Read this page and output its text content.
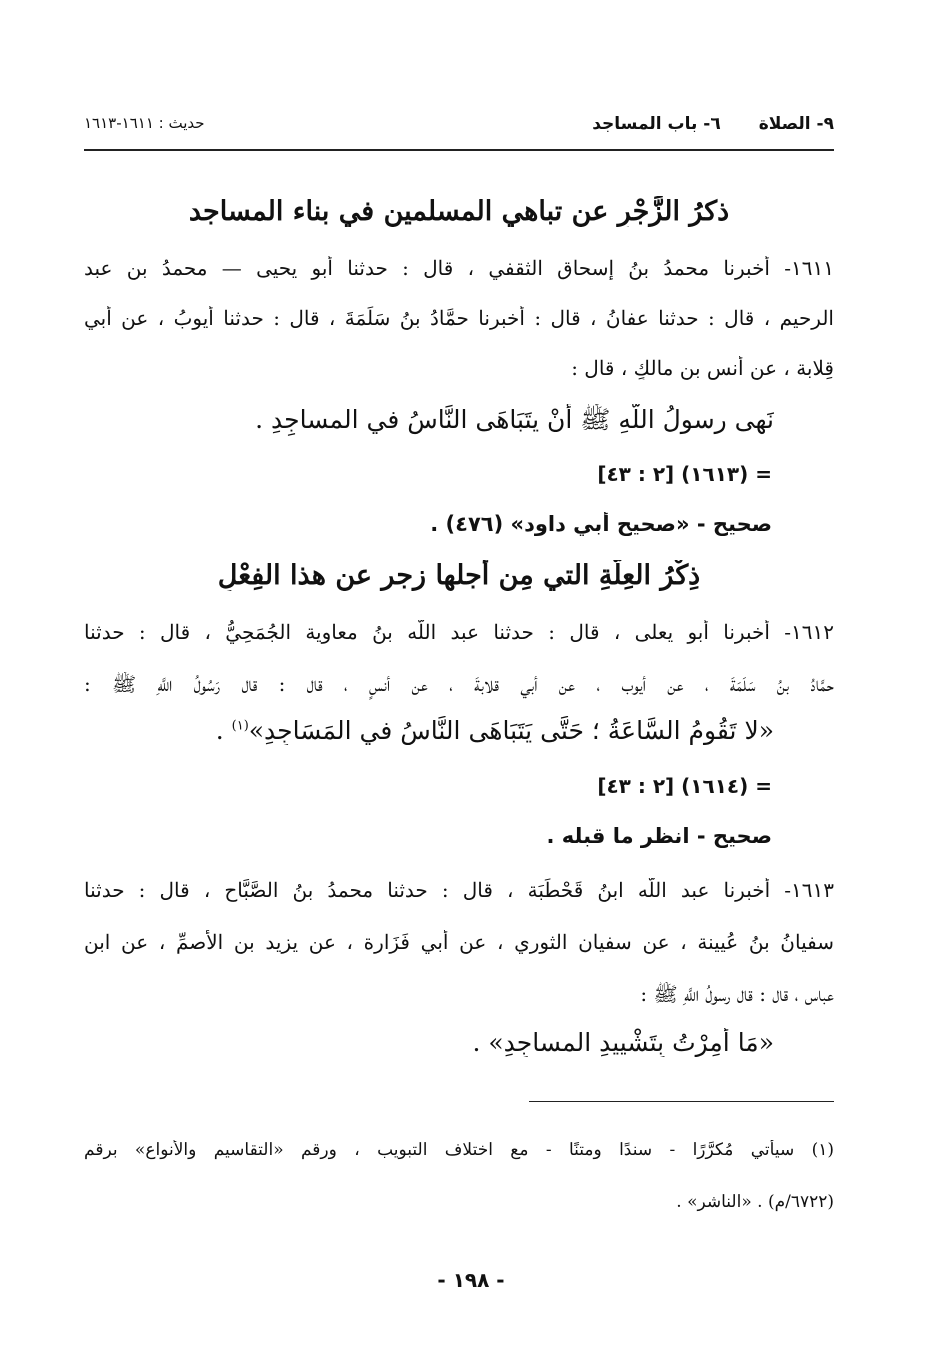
٩- الصلاة٦- باب المساجد
حديث : ١٦١١-١٦١٣
ذكرُ الزَّجْرِ عن تباهي المسلمين في بناء المساجد
١٦١١- أخبرنا محمدُ بنُ إسحاق الثقفي ، قال : حدثنا أبو يحيى — محمدُ بن عبد
الرحيم ، قال : حدثنا عفانُ ، قال : أخبرنا حمَّادُ بنُ سَلَمَةَ ، قال : حدثنا أيوبُ ، عن أبي
قِلابة ، عن أنس بن مالكٍ ، قال :
نَهى رسولُ اللَّهِ ﷺ أنْ يتَبَاهَى النَّاسُ في المساجِدِ .
= (١٦١٣) [٢ : ٤٣]
صحيح - «صحيح أبي داود» (٤٧٦) .
ذِكْرُ العِلَّةِ التي مِن أجلها زجر عن هذا الفِعْلِ
١٦١٢- أخبرنا أبو يعلى ، قال : حدثنا عبد اللَّه بنُ معاوية الجُمَحِيُّ ، قال : حدثنا
حمَّادُ بنُ سَلَمَةَ ، عن أيوب ، عن أبي قلابةَ ، عن أنسٍ ، قال : قال رَسُولُ اللَّهِ ﷺ :
«لا تَقُومُ السَّاعَةُ ؛ حَتَّى يَتَبَاهَى النَّاسُ في المَسَاجِدِ»$^{(١)}$ .
= (١٦١٤) [٢ : ٤٣]
صحيح - انظر ما قبله .
١٦١٣- أخبرنا عبد اللَّه ابنُ قَحْطَبَة ، قال : حدثنا محمدُ بنُ الصَّبَّاح ، قال : حدثنا
سفيانُ بنُ عُيينة ، عن سفيان الثوري ، عن أبي فَزَارة ، عن يزيد بن الأصمِّ ، عن ابن
عباس ، قال : قال رسولُ اللَّهِ ﷺ :
«مَا أُمِرْتُ بِتَشْييدِ المساجِدِ» .
(١) سيأتي مُكرَّرًا - سندًا ومتنًا - مع اختلاف التبويب ، ورقم «التقاسيم والأنواع» برقم
(٦٧٢٢/م) . «الناشر» .
- ١٩٨ -
